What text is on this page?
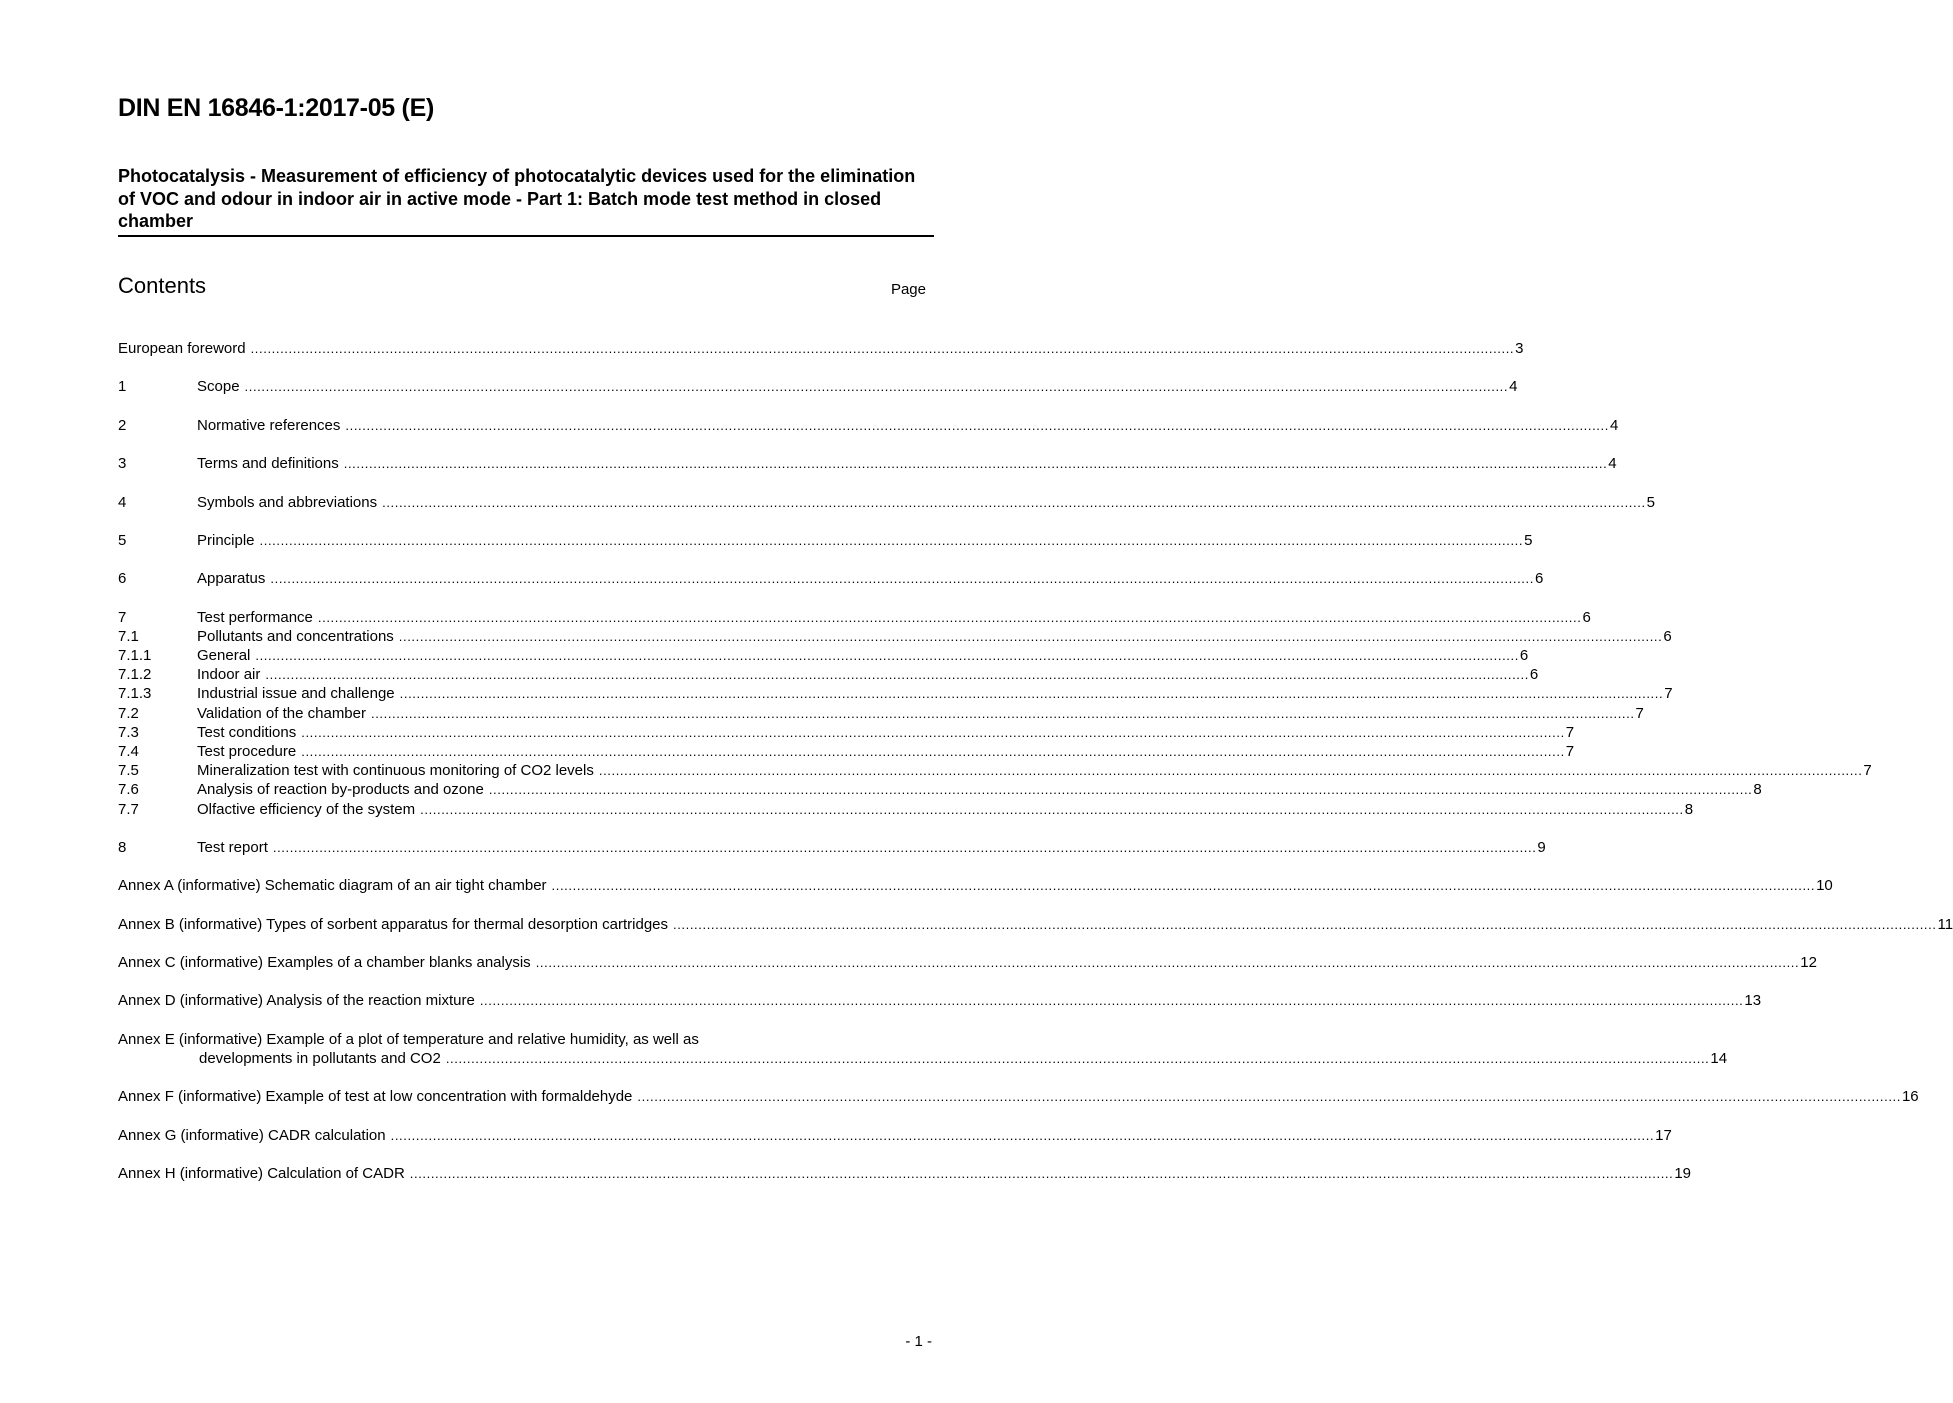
DIN EN 16846-1:2017-05 (E)
Photocatalysis - Measurement of efficiency of photocatalytic devices used for the elimination of VOC and odour in indoor air in active mode - Part 1: Batch mode test method in closed chamber
Contents	Page
European foreword ............................................................................................................................................................................................................................................................................................................ 3
1	Scope ............................................................................................................................................................................................................................................................................................................ 4
2	Normative references ............................................................................................................................................................................................................................................................................................................ 4
3	Terms and definitions ............................................................................................................................................................................................................................................................................................................ 4
4	Symbols and abbreviations ............................................................................................................................................................................................................................................................................................................ 5
5	Principle ............................................................................................................................................................................................................................................................................................................ 5
6	Apparatus ............................................................................................................................................................................................................................................................................................................ 6
7	Test performance ............................................................................................................................................................................................................................................................................................................ 6
7.1	Pollutants and concentrations ............................................................................................................................................................................................................................................................................................................ 6
7.1.1	General ............................................................................................................................................................................................................................................................................................................ 6
7.1.2	Indoor air ............................................................................................................................................................................................................................................................................................................ 6
7.1.3	Industrial issue and challenge ............................................................................................................................................................................................................................................................................................................ 7
7.2	Validation of the chamber ............................................................................................................................................................................................................................................................................................................ 7
7.3	Test conditions ............................................................................................................................................................................................................................................................................................................ 7
7.4	Test procedure ............................................................................................................................................................................................................................................................................................................ 7
7.5	Mineralization test with continuous monitoring of CO2 levels ............................................................................................................................................................................................................................................................................................................ 7
7.6	Analysis of reaction by-products and ozone ............................................................................................................................................................................................................................................................................................................ 8
7.7	Olfactive efficiency of the system ............................................................................................................................................................................................................................................................................................................ 8
8	Test report ............................................................................................................................................................................................................................................................................................................ 9
Annex A (informative) Schematic diagram of an air tight chamber ............................................................................................................................................................................................................................................................................................................ 10
Annex B (informative) Types of sorbent apparatus for thermal desorption cartridges ............................................................................................................................................................................................................................................................................................................ 11
Annex C (informative) Examples of a chamber blanks analysis ............................................................................................................................................................................................................................................................................................................ 12
Annex D (informative) Analysis of the reaction mixture ............................................................................................................................................................................................................................................................................................................ 13
Annex E (informative) Example of a plot of temperature and relative humidity, as well as
developments in pollutants and CO2 ............................................................................................................................................................................................................................................................................................................ 14
Annex F (informative) Example of test at low concentration with formaldehyde ............................................................................................................................................................................................................................................................................................................ 16
Annex G (informative) CADR calculation ............................................................................................................................................................................................................................................................................................................ 17
Annex H (informative) Calculation of CADR ............................................................................................................................................................................................................................................................................................................ 19
- 1 -
